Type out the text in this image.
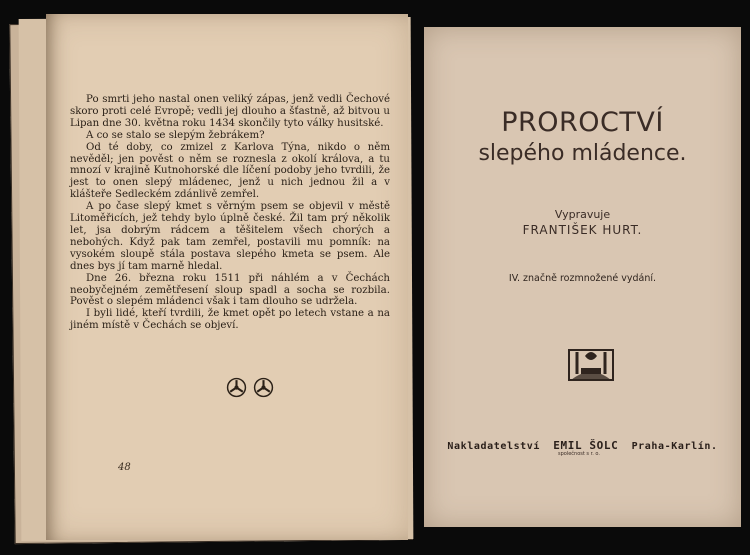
Po smrti jeho nastal onen veliký zápas, jenž vedli Čechové skoro proti celé Evropě; vedli jej dlouho a šťastně, až bitvou u Lipan dne 30. května roku 1434 skončily tyto války husitské.

A co se stalo se slepým žebrákem?

Od té doby, co zmizel z Karlova Týna, nikdo o něm nevěděl; jen pověst o něm se roznesla z okolí králova, a tu mnozí v krajině Kutnohorské dle líčení podoby jeho tvrdili, že jest to onen slepý mládenec, jenž u nich jednou žil a v klášteře Sedleckém zdánlivě zemřel.

A po čase slepý kmet s věrným psem se objevil v městě Litoměřicích, jež tehdy bylo úplně české. Žil tam prý několik let, jsa dobrým rádcem a těšitelem všech chorých a nebohých. Když pak tam zemřel, postavili mu pomník: na vysokém sloupě stála postava slepého kmeta se psem. Ale dnes bys jí tam marně hledal.

Dne 26. března roku 1511 při náhlém a v Čechách neobyčejném zemětřesení sloup spadl a socha se rozbila. Pověst o slepém mládenci však i tam dlouho se udržela.

I byli lidé, kteří tvrdili, že kmet opět po letech vstane a na jiném místě v Čechách se objeví.

48
PROROCTVÍ
slepého mládence.
Vypravuje
FRANTIŠEK HURT.
IV. značně rozmnožené vydání.
Nakladatelství EMIL ŠOLC Praha-Karlín.
společnost s r. o.
